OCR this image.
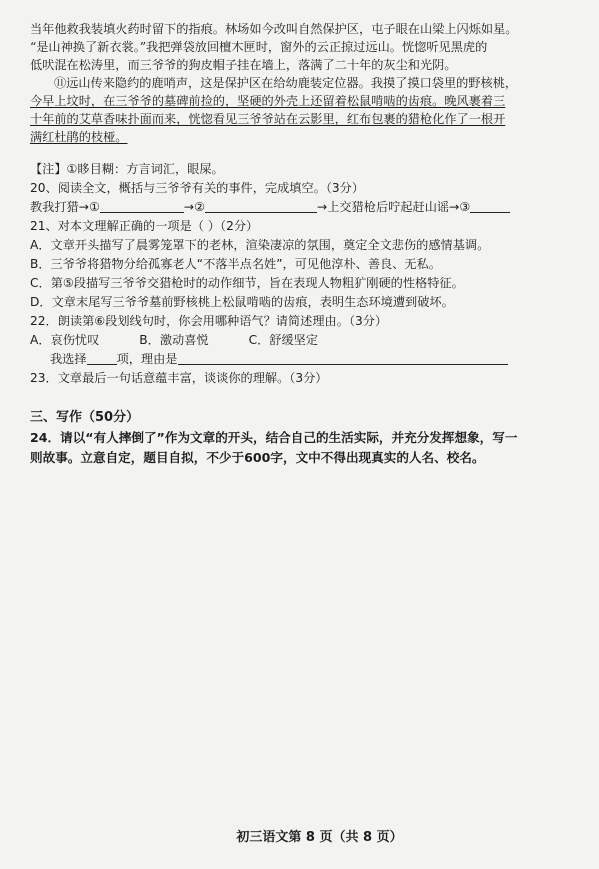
当年他救我装填火药时留下的指痕。林场如今改叫自然保护区，屯子眼在山梁上闪烁如星。
“是山神换了新衣裳。”我把弹袋放回檀木匣时，窗外的云正掠过远山。恍惚听见黑虎的
低吠混在松涛里，而三爷爷的狗皮帽子挂在墙上，落满了二十年的灰尘和光阴。
⑪远山传来隐约的鹿哨声，这是保护区在给幼鹿装定位器。我摸了摸口袋里的野核桃，
今早上坟时，在三爷爷的墓碑前捡的，坚硬的外壳上还留着松鼠啃啮的齿痕。晚风裹着三
十年前的艾草香味扑面而来，恍惚看见三爷爷站在云影里，红布包裹的猎枪化作了一根开
满红杜鹃的枝桠。
【注】①眵目糊：方言词汇，眼屎。
20、阅读全文，概括与三爷爷有关的事件，完成填空。（3分）
教我打猎→①	→②	→上交猎枪后咛起赶山谣→③
21、对本文理解正确的一项是（ ）（2分）
A．文章开头描写了晨雾笼罩下的老林，渲染凄凉的氛围，奠定全文悲伤的感情基调。
B．三爷爷将猎物分给孤寡老人“不落半点名姓”，可见他淳朴、善良、无私。
C．第⑤段描写三爷爷交猎枪时的动作细节，旨在表现人物粗犷刚硬的性格特征。
D．文章末尾写三爷爷墓前野核桃上松鼠啃啮的齿痕，表明生态环境遭到破坏。
22．朗读第⑥段划线句时，你会用哪种语气？请简述理由。（3分）
A．哀伤忧叹	B．激动喜悦	C．舒缓坚定
我选择 项，理由是
23．文章最后一句话意蕴丰富，谈谈你的理解。（3分）
三、写作（50分）
24．请以“有人摔倒了”作为文章的开头，结合自己的生活实际，并充分发挥想象，写一
则故事。立意自定，题目自拟，不少于600字，文中不得出现真实的人名、校名。
初三语文第 8 页（共 8 页）
